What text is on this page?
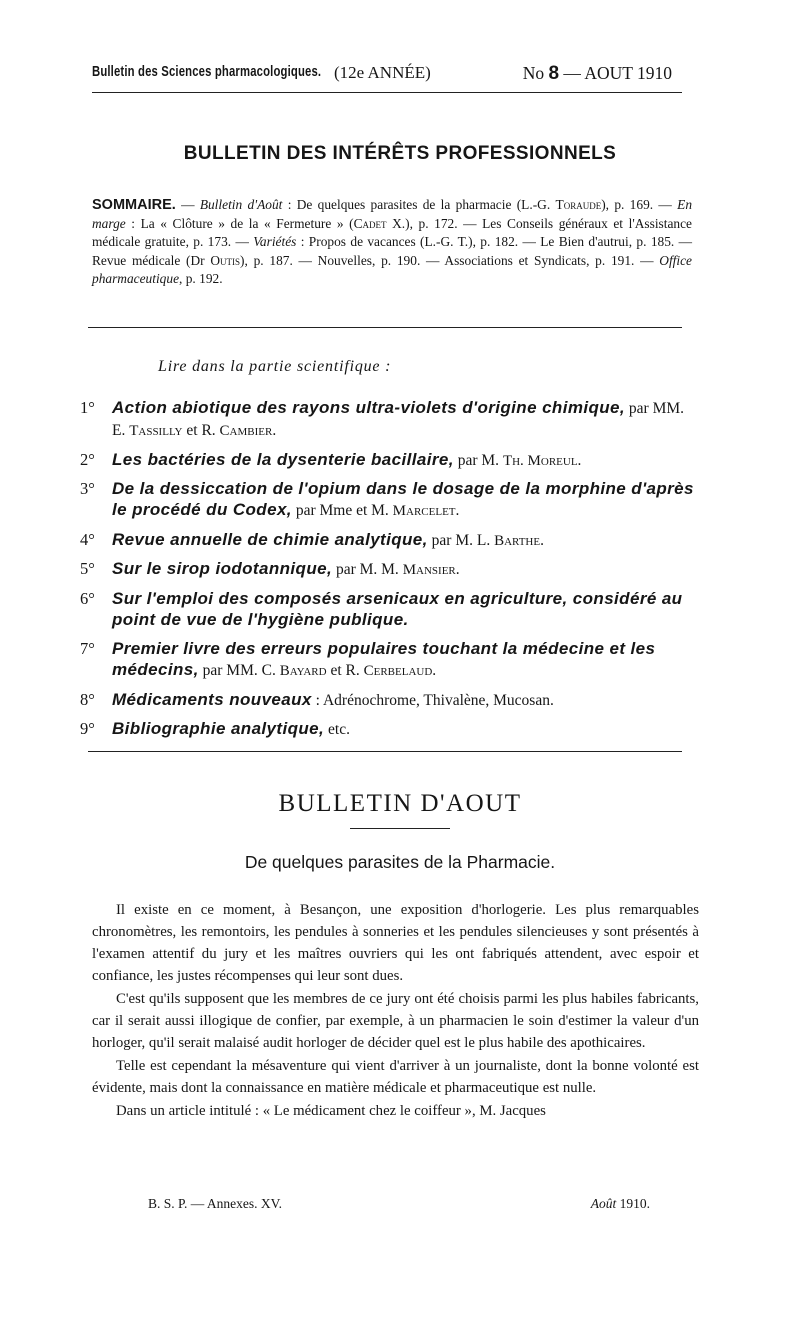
Bulletin des Sciences pharmacologiques. (12e ANNÉE)	No 8 — AOUT 1910
BULLETIN DES INTÉRÊTS PROFESSIONNELS
SOMMAIRE. — Bulletin d'Août : De quelques parasites de la pharmacie (L.-G. Toraude), p. 169. — En marge : La « Clôture » de la « Fermeture » (Cadet X.), p. 172. — Les Conseils généraux et l'Assistance médicale gratuite, p. 173. — Variétés : Propos de vacances (L.-G. T.), p. 182. — Le Bien d'autrui, p. 185. — Revue médicale (Dr Outis), p. 187. — Nouvelles, p. 190. — Associations et Syndicats, p. 191. — Office pharmaceutique, p. 192.
Lire dans la partie scientifique :
1° Action abiotique des rayons ultra-violets d'origine chimique, par MM. E. Tassilly et R. Cambier.
2° Les bactéries de la dysenterie bacillaire, par M. Th. Moreul.
3° De la dessiccation de l'opium dans le dosage de la morphine d'après le procédé du Codex, par Mme et M. Marcelet.
4° Revue annuelle de chimie analytique, par M. L. Barthe.
5° Sur le sirop iodotannique, par M. M. Mansier.
6° Sur l'emploi des composés arsenicaux en agriculture, considéré au point de vue de l'hygiène publique.
7° Premier livre des erreurs populaires touchant la médecine et les médecins, par MM. C. Bayard et R. Cerbelaud.
8° Médicaments nouveaux : Adrénochrome, Thivalène, Mucosan.
9° Bibliographie analytique, etc.
BULLETIN D'AOUT
De quelques parasites de la Pharmacie.

Il existe en ce moment, à Besançon, une exposition d'horlogerie. Les plus remarquables chronomètres, les remontoirs, les pendules à sonneries et les pendules silencieuses y sont présentés à l'examen attentif du jury et les maîtres ouvriers qui les ont fabriqués attendent, avec espoir et confiance, les justes récompenses qui leur sont dues.

C'est qu'ils supposent que les membres de ce jury ont été choisis parmi les plus habiles fabricants, car il serait aussi illogique de confier, par exemple, à un pharmacien le soin d'estimer la valeur d'un horloger, qu'il serait malaisé audit horloger de décider quel est le plus habile des apothicaires.

Telle est cependant la mésaventure qui vient d'arriver à un journaliste, dont la bonne volonté est évidente, mais dont la connaissance en matière médicale et pharmaceutique est nulle.

Dans un article intitulé : « Le médicament chez le coiffeur », M. Jacques

B. S. P. — Annexes. XV.	Août 1910.
